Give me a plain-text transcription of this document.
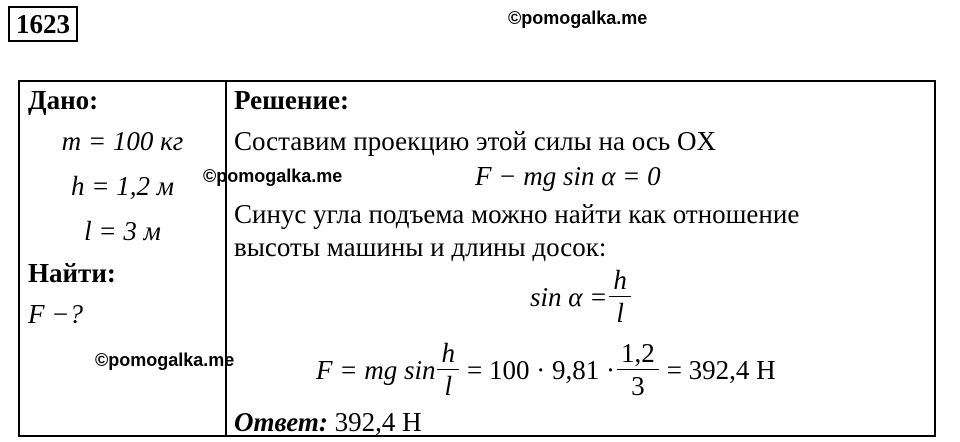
1623	©pomogalka.me
Дано:
m = 100 кг
h = 1,2 м
l = 3 м
Найти:
F −?
Решение:
Составим проекцию этой силы на ось OX
F − mg sin α = 0
Синус угла подъема можно найти как отношение
высоты машины и длины досок:
$\sin \alpha = \frac{h}{l}$
F = mg $\sin \frac{h}{l} = 100 \cdot 9,81 \cdot \frac{1,2}{3} = 392,4$ Н
Ответ: 392,4 Н
©pomogalka.me
©pomogalka.me
